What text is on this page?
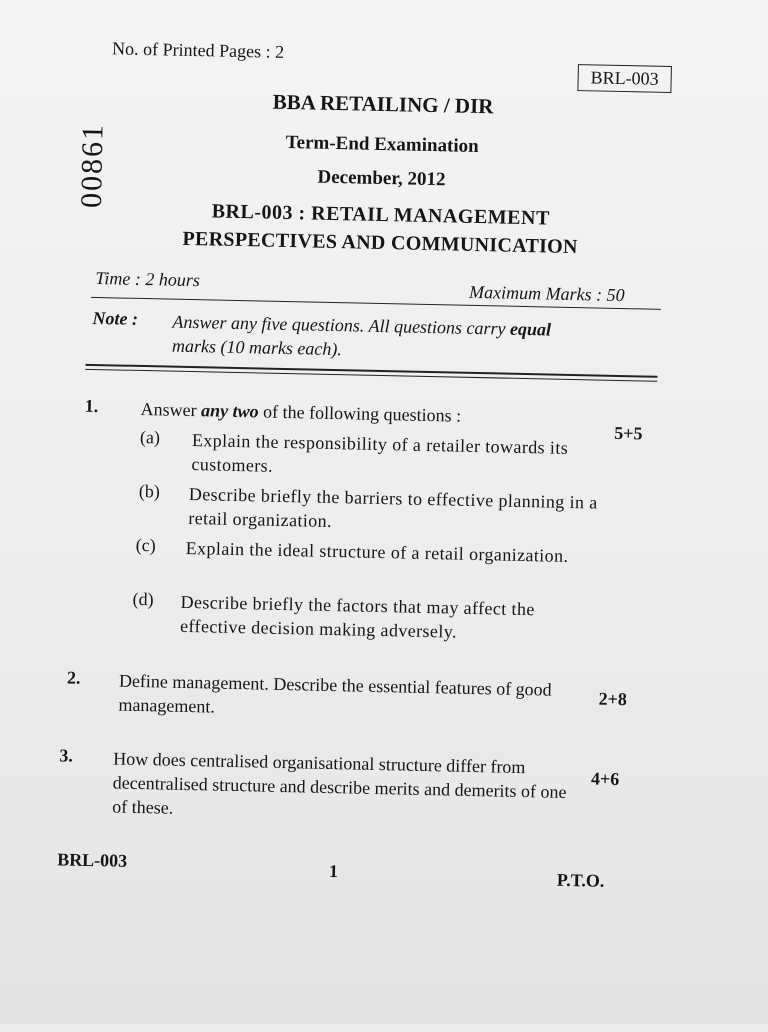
No. of Printed Pages : 2
BRL-003
00861
BBA RETAILING / DIR
Term-End Examination
December, 2012
BRL-003 : RETAIL MANAGEMENT
PERSPECTIVES AND COMMUNICATION
Time : 2 hours
Maximum Marks : 50
Note : Answer any five questions. All questions carry equal
marks (10 marks each).
1. Answer any two of the following questions :
5+5
(a) Explain the responsibility of a retailer towards its customers.
(b) Describe briefly the barriers to effective planning in a retail organization.
(c) Explain the ideal structure of a retail organization.
(d) Describe briefly the factors that may affect the effective decision making adversely.
2. Define management. Describe the essential features of good management.	2+8
3. How does centralised organisational structure differ from decentralised structure and describe merits and demerits of one of these.
4+6
BRL-003
1	P.T.O.
